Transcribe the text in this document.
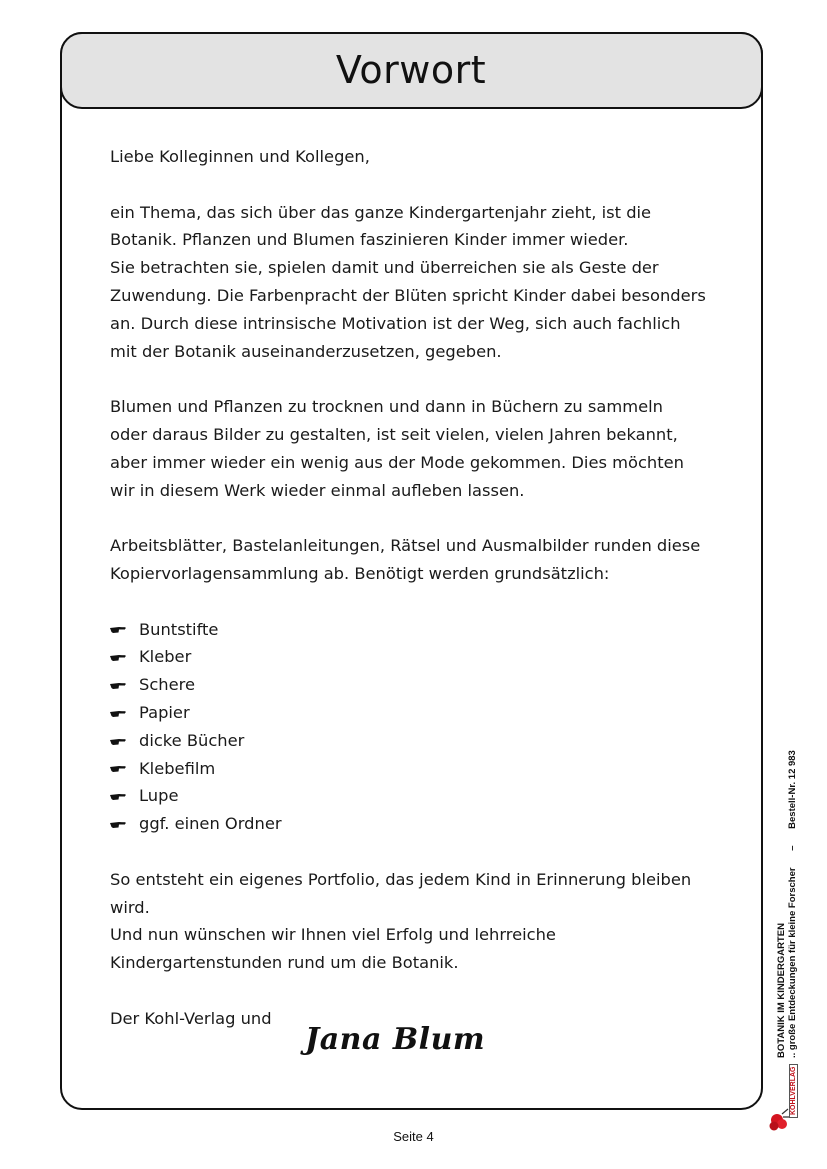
Vorwort

Liebe Kolleginnen und Kollegen,

ein Thema, das sich über das ganze Kindergartenjahr zieht, ist die

Botanik. Pflanzen und Blumen faszinieren Kinder immer wieder.

Sie betrachten sie, spielen damit und überreichen sie als Geste der

Zuwendung. Die Farbenpracht der Blüten spricht Kinder dabei besonders

an. Durch diese intrinsische Motivation ist der Weg, sich auch fachlich

mit der Botanik auseinanderzusetzen, gegeben.

Blumen und Pflanzen zu trocknen und dann in Büchern zu sammeln

oder daraus Bilder zu gestalten, ist seit vielen, vielen Jahren bekannt,

aber immer wieder ein wenig aus der Mode gekommen. Dies möchten

wir in diesem Werk wieder einmal aufleben lassen.

Arbeitsblätter, Bastelanleitungen, Rätsel und Ausmalbilder runden diese

Kopiervorlagensammlung ab. Benötigt werden grundsätzlich:

Buntstifte
Kleber
Schere
Papier
dicke Bücher
Klebefilm
Lupe
ggf. einen Ordner

So entsteht ein eigenes Portfolio, das jedem Kind in Erinnerung bleiben

wird.

Und nun wünschen wir Ihnen viel Erfolg und lehrreiche

Kindergartenstunden rund um die Botanik.

Der Kohl-Verlag und

Jana Blum	BOTANIK IM KINDERGARTEN .. große Entdeckungen für kleine Forscher – Bestell-Nr. 12 983
KOHLVERLAG
Seite 4
